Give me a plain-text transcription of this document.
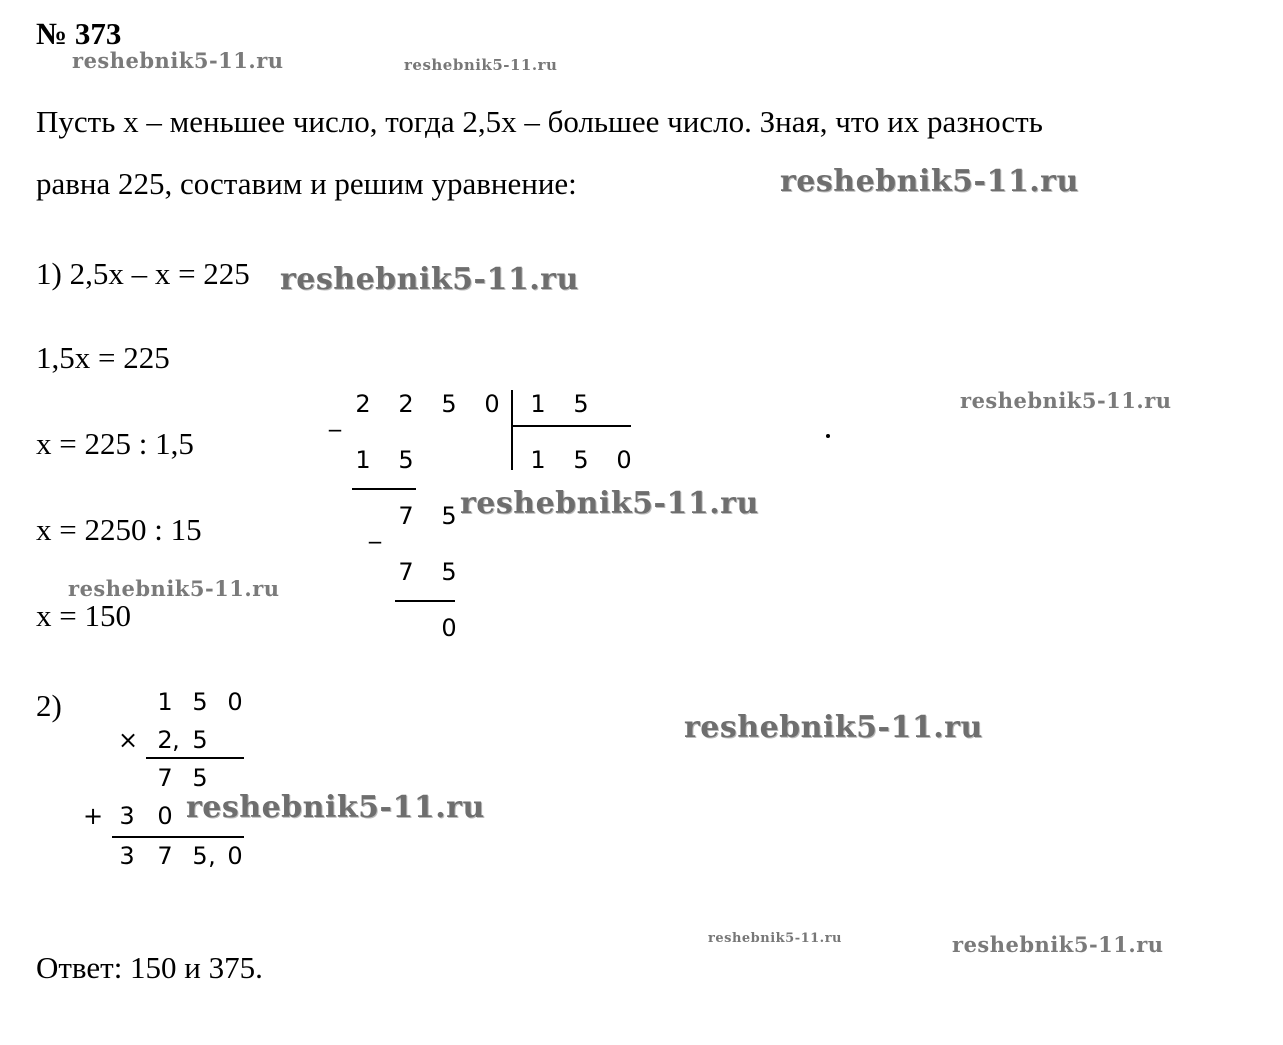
№ 373
Пусть х – меньшее число, тогда 2,5х – большее число. Зная, что их разность
равна 225, составим и решим уравнение:
1) 2,5х – х = 225
1,5х = 225
х = 225 : 1,5
х = 2250 : 15
х = 150
2)
2	2	5	0	1	5
1	5	0
_
1	5
7	5
_
7	5
0
1 5 0
× 2 , 5
7 5
+ 3 0
3 7 5 , 0
Ответ: 150 и 375.
reshebnik5-11.ru	reshebnik5-11.ru
reshebnik5-11.ru
reshebnik5-11.ru
reshebnik5-11.ru
reshebnik5-11.ru
reshebnik5-11.ru
reshebnik5-11.ru
reshebnik5-11.ru
reshebnik5-11.ru	reshebnik5-11.ru
